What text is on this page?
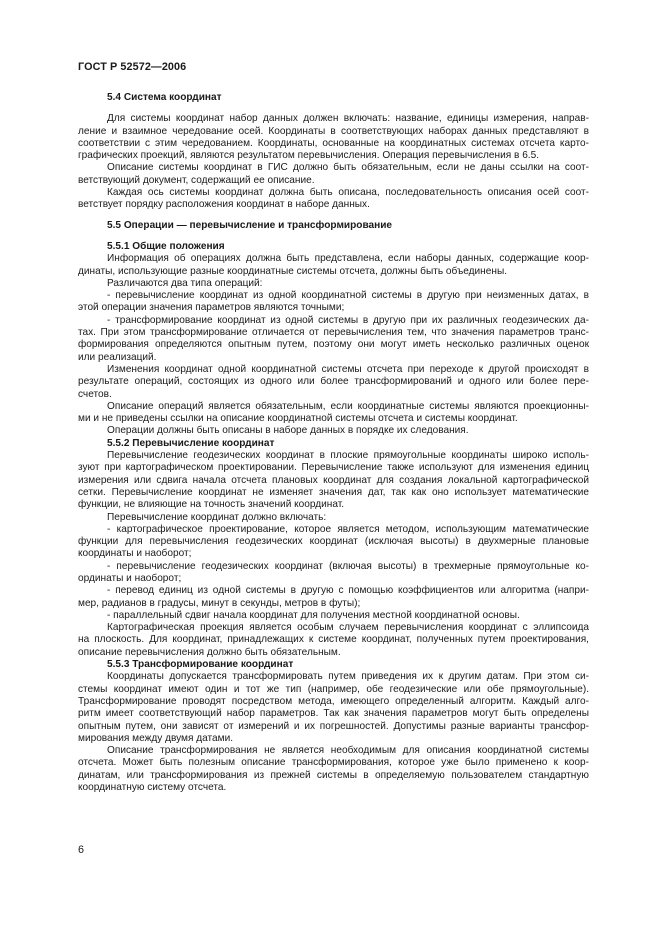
ГОСТ Р 52572—2006
5.4 Система координат
Для системы координат набор данных должен включать: название, единицы измерения, направ-
ление и взаимное чередование осей. Координаты в соответствующих наборах данных представляют в
соответствии с этим чередованием. Координаты, основанные на координатных системах отсчета карто-
графических проекций, являются результатом перевычисления. Операция перевычисления в 6.5.
Описание системы координат в ГИС должно быть обязательным, если не даны ссылки на соот-
ветствующий документ, содержащий ее описание.
Каждая ось системы координат должна быть описана, последовательность описания осей соот-
ветствует порядку расположения координат в наборе данных.
5.5 Операции — перевычисление и трансформирование
5.5.1 Общие положения
Информация об операциях должна быть представлена, если наборы данных, содержащие коор-
динаты, использующие разные координатные системы отсчета, должны быть объединены.
Различаются два типа операций:
- перевычисление координат из одной координатной системы в другую при неизменных датах, в
этой операции значения параметров являются точными;
- трансформирование координат из одной системы в другую при их различных геодезических да-
тах. При этом трансформирование отличается от перевычисления тем, что значения параметров транс-
формирования определяются опытным путем, поэтому они могут иметь несколько различных оценок
или реализаций.
Изменения координат одной координатной системы отсчета при переходе к другой происходят в
результате операций, состоящих из одного или более трансформирований и одного или более пере-
счетов.
Описание операций является обязательным, если координатные системы являются проекционны-
ми и не приведены ссылки на описание координатной системы отсчета и системы координат.
Операции должны быть описаны в наборе данных в порядке их следования.
5.5.2 Перевычисление координат
Перевычисление геодезических координат в плоские прямоугольные координаты широко исполь-
зуют при картографическом проектировании. Перевычисление также используют для изменения единиц
измерения или сдвига начала отсчета плановых координат для создания локальной картографической
сетки. Перевычисление координат не изменяет значения дат, так как оно использует математические
функции, не влияющие на точность значений координат.
Перевычисление координат должно включать:
- картографическое проектирование, которое является методом, использующим математические
функции для перевычисления геодезических координат (исключая высоты) в двухмерные плановые
координаты и наоборот;
- перевычисление геодезических координат (включая высоты) в трехмерные прямоугольные ко-
ординаты и наоборот;
- перевод единиц из одной системы в другую с помощью коэффициентов или алгоритма (напри-
мер, радианов в градусы, минут в секунды, метров в футы);
- параллельный сдвиг начала координат для получения местной координатной основы.
Картографическая проекция является особым случаем перевычисления координат с эллипсоида
на плоскость. Для координат, принадлежащих к системе координат, полученных путем проектирования,
описание перевычисления должно быть обязательным.
5.5.3 Трансформирование координат
Координаты допускается трансформировать путем приведения их к другим датам. При этом си-
стемы координат имеют один и тот же тип (например, обе геодезические или обе прямоугольные).
Трансформирование проводят посредством метода, имеющего определенный алгоритм. Каждый алго-
ритм имеет соответствующий набор параметров. Так как значения параметров могут быть определены
опытным путем, они зависят от измерений и их погрешностей. Допустимы разные варианты трансфор-
мирования между двумя датами.
Описание трансформирования не является необходимым для описания координатной системы
отсчета. Может быть полезным описание трансформирования, которое уже было применено к коор-
динатам, или трансформирования из прежней системы в определяемую пользователем стандартную
координатную систему отсчета.
6
